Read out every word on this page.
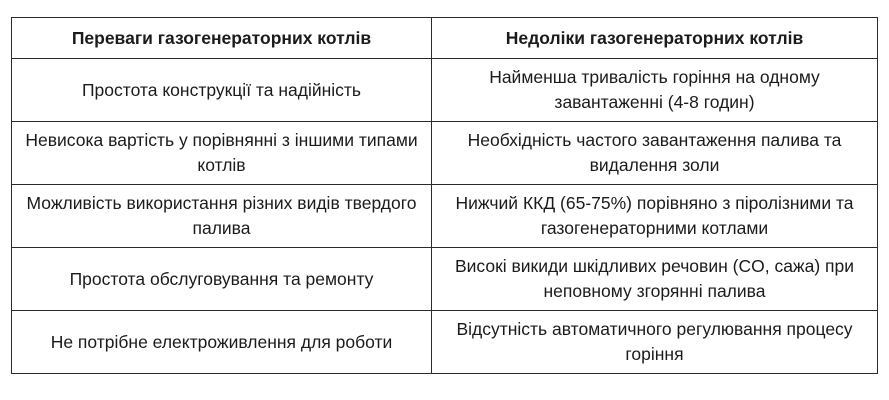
Переваги газогенераторних котлів	Недоліки газогенераторних котлів
Простота конструкції та надійність	Найменша тривалість горіння на одному завантаженні (4-8 годин)
Невисока вартість у порівнянні з іншими типами котлів	Необхідність частого завантаження палива та видалення золи
Можливість використання різних видів твердого палива	Нижчий ККД (65-75%) порівняно з піролізними та газогенераторними котлами
Простота обслуговування та ремонту	Високі викиди шкідливих речовин (CO, сажа) при неповному згорянні палива
Не потрібне електроживлення для роботи	Відсутність автоматичного регулювання процесу горіння
